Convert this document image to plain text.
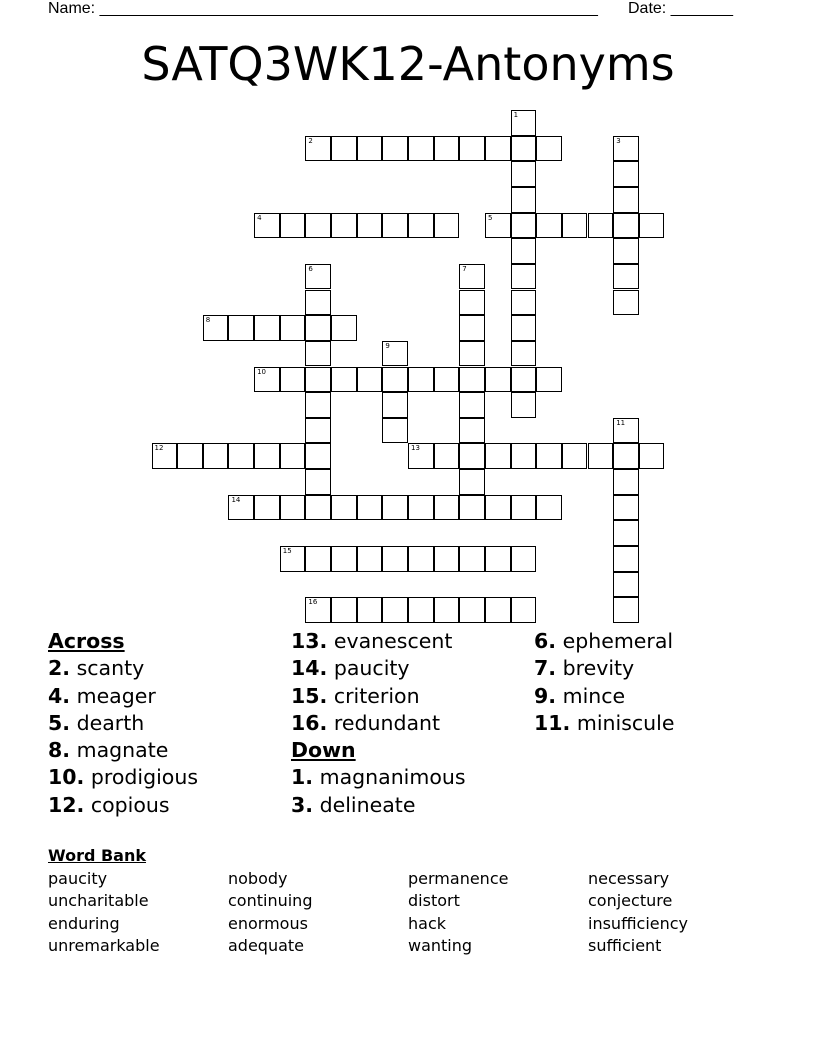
Name: ________________________________________________________ Date: _______
SATQ3WK12-Antonyms
1
2	3
4	5
6	7
8
9
10
11
12	13
14
15
16
Across
2. scanty
4. meager
5. dearth
8. magnate
10. prodigious
12. copious
13. evanescent
14. paucity
15. criterion
16. redundant
Down
1. magnanimous
3. delineate
6. ephemeral
7. brevity
9. mince
11. miniscule
Word Bank
paucity
uncharitable
enduring
unremarkable
nobody
continuing
enormous
adequate
permanence
distort
hack
wanting
necessary
conjecture
insufficiency
sufficient
